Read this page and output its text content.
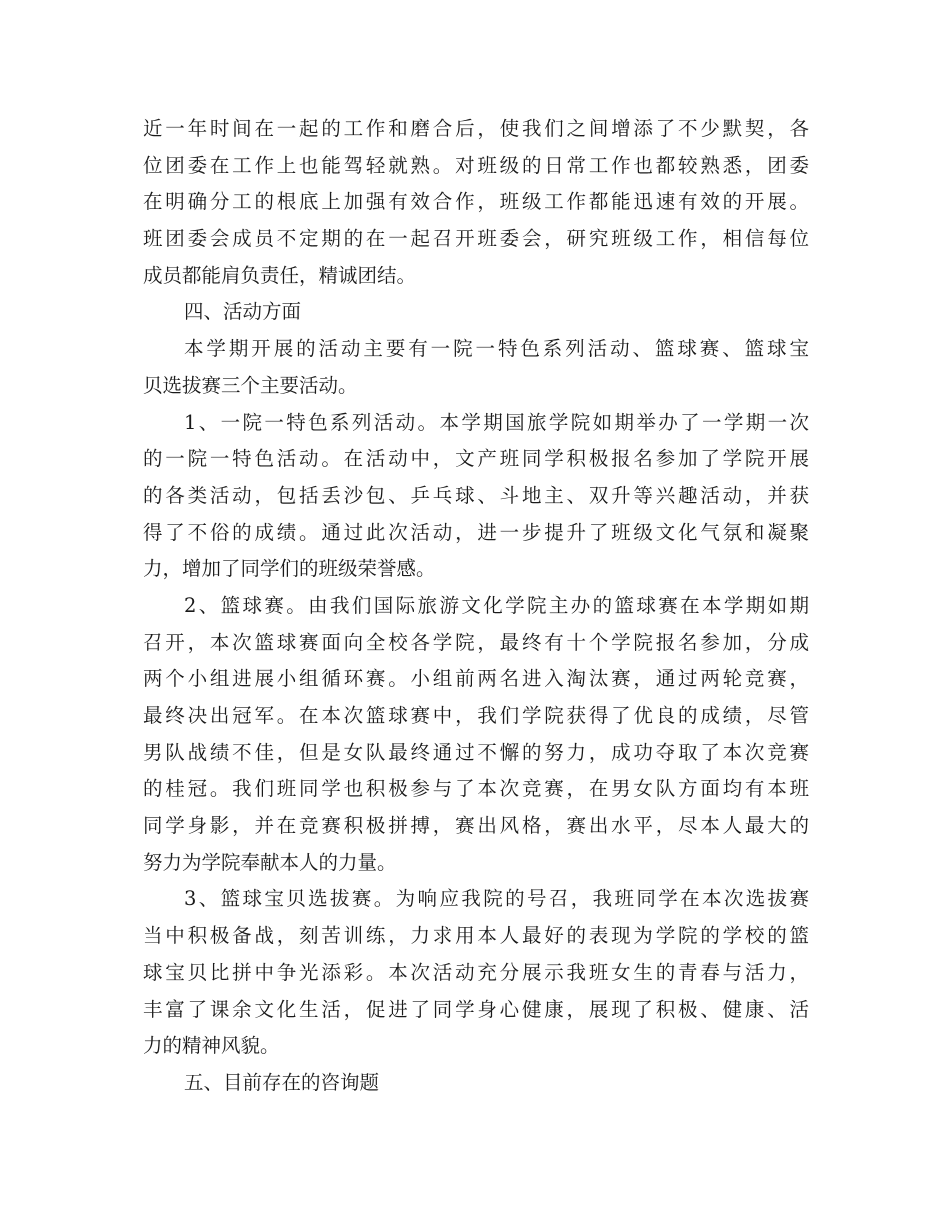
近一年时间在一起的工作和磨合后，使我们之间增添了不少默契，各
位团委在工作上也能驾轻就熟。对班级的日常工作也都较熟悉，团委
在明确分工的根底上加强有效合作，班级工作都能迅速有效的开展。
班团委会成员不定期的在一起召开班委会，研究班级工作，相信每位
成员都能肩负责任，精诚团结。
四、活动方面
本学期开展的活动主要有一院一特色系列活动、篮球赛、篮球宝
贝选拔赛三个主要活动。
1、一院一特色系列活动。本学期国旅学院如期举办了一学期一次
的一院一特色活动。在活动中，文产班同学积极报名参加了学院开展
的各类活动，包括丢沙包、乒乓球、斗地主、双升等兴趣活动，并获
得了不俗的成绩。通过此次活动，进一步提升了班级文化气氛和凝聚
力，增加了同学们的班级荣誉感。
2、篮球赛。由我们国际旅游文化学院主办的篮球赛在本学期如期
召开，本次篮球赛面向全校各学院，最终有十个学院报名参加，分成
两个小组进展小组循环赛。小组前两名进入淘汰赛，通过两轮竞赛，
最终决出冠军。在本次篮球赛中，我们学院获得了优良的成绩，尽管
男队战绩不佳，但是女队最终通过不懈的努力，成功夺取了本次竞赛
的桂冠。我们班同学也积极参与了本次竞赛，在男女队方面均有本班
同学身影，并在竞赛积极拼搏，赛出风格，赛出水平，尽本人最大的
努力为学院奉献本人的力量。
3、篮球宝贝选拔赛。为响应我院的号召，我班同学在本次选拔赛
当中积极备战，刻苦训练，力求用本人最好的表现为学院的学校的篮
球宝贝比拼中争光添彩。本次活动充分展示我班女生的青春与活力，
丰富了课余文化生活，促进了同学身心健康，展现了积极、健康、活
力的精神风貌。
五、目前存在的咨询题
